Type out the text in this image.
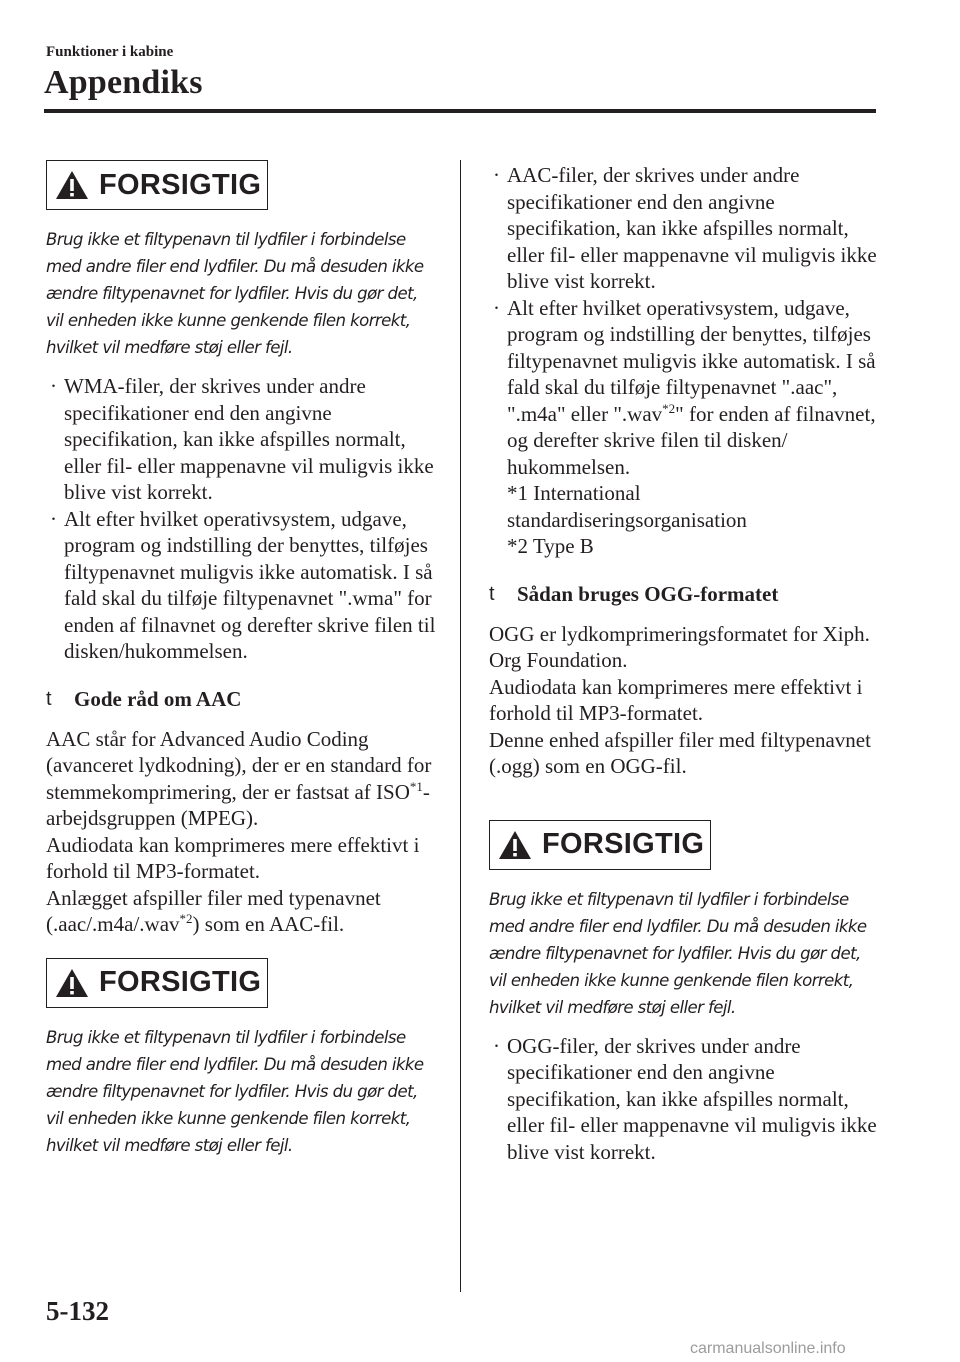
Funktioner i kabine
Appendiks
FORSIGTIG

Brug ikke et filtypenavn til lydfiler i forbindelse med andre filer end lydfiler. Du må desuden ikke ændre filtypenavnet for lydfiler. Hvis du gør det, vil enheden ikke kunne genkende filen korrekt, hvilket vil medføre støj eller fejl.

· WMA-filer, der skrives under andre specifikationer end den angivne specifikation, kan ikke afspilles normalt, eller fil- eller mappenavne vil muligvis ikke blive vist korrekt.
· Alt efter hvilket operativsystem, udgave, program og indstilling der benyttes, tilføjes filtypenavnet muligvis ikke automatisk. I så fald skal du tilføje filtypenavnet ".wma" for enden af filnavnet og derefter skrive filen til disken/hukommelsen.
t	Gode råd om AAC

AAC står for Advanced Audio Coding (avanceret lydkodning), der er en standard for stemmekomprimering, der er fastsat af ISO$^{*1}$-arbejdsgruppen (MPEG).

Audiodata kan komprimeres mere effektivt i forhold til MP3-formatet.

Anlægget afspiller filer med typenavnet (.aac/.m4a/.wav$^{*2}$) som en AAC-fil.

FORSIGTIG

Brug ikke et filtypenavn til lydfiler i forbindelse med andre filer end lydfiler. Du må desuden ikke ændre filtypenavnet for lydfiler. Hvis du gør det, vil enheden ikke kunne genkende filen korrekt, hvilket vil medføre støj eller fejl.

· AAC-filer, der skrives under andre specifikationer end den angivne specifikation, kan ikke afspilles normalt, eller fil- eller mappenavne vil muligvis ikke blive vist korrekt.
· Alt efter hvilket operativsystem, udgave, program og indstilling der benyttes, tilføjes filtypenavnet muligvis ikke automatisk. I så fald skal du tilføje filtypenavnet ".aac", ".m4a" eller ".wav$^{*2}$" for enden af filnavnet, og derefter skrive filen til disken/ hukommelsen.
*1 International standardiseringsorganisation
*2 Type B
t	Sådan bruges OGG-formatet

OGG er lydkomprimeringsformatet for Xiph. Org Foundation.

Audiodata kan komprimeres mere effektivt i forhold til MP3-formatet.

Denne enhed afspiller filer med filtypenavnet (.ogg) som en OGG-fil.

FORSIGTIG

Brug ikke et filtypenavn til lydfiler i forbindelse med andre filer end lydfiler. Du må desuden ikke ændre filtypenavnet for lydfiler. Hvis du gør det, vil enheden ikke kunne genkende filen korrekt, hvilket vil medføre støj eller fejl.

· OGG-filer, der skrives under andre specifikationer end den angivne specifikation, kan ikke afspilles normalt, eller fil- eller mappenavne vil muligvis ikke blive vist korrekt.
5-132
carmanualsonline.info
